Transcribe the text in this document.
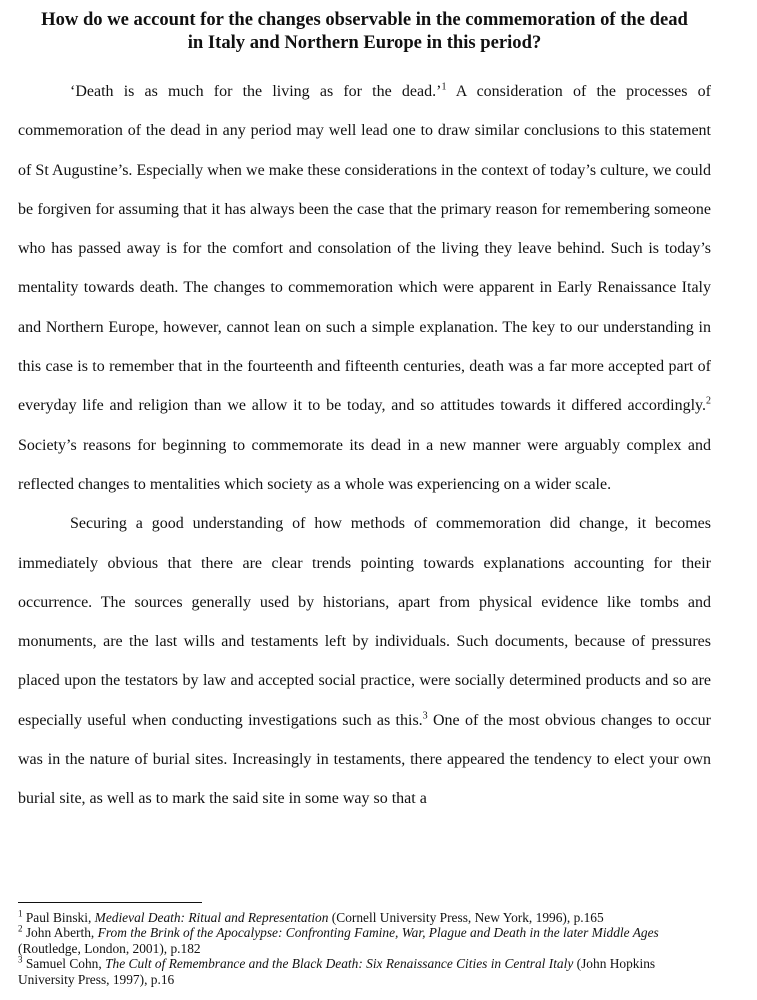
How do we account for the changes observable in the commemoration of the dead
in Italy and Northern Europe in this period?

‘Death is as much for the living as for the dead.’$^1$ A consideration of the processes of commemoration of the dead in any period may well lead one to draw similar conclusions to this statement of St Augustine’s. Especially when we make these considerations in the context of today’s culture, we could be forgiven for assuming that it has always been the case that the primary reason for remembering someone who has passed away is for the comfort and consolation of the living they leave behind. Such is today’s mentality towards death. The changes to commemoration which were apparent in Early Renaissance Italy and Northern Europe, however, cannot lean on such a simple explanation. The key to our understanding in this case is to remember that in the fourteenth and fifteenth centuries, death was a far more accepted part of everyday life and religion than we allow it to be today, and so attitudes towards it differed accordingly.$^2$ Society’s reasons for beginning to commemorate its dead in a new manner were arguably complex and reflected changes to mentalities which society as a whole was experiencing on a wider scale.

Securing a good understanding of how methods of commemoration did change, it becomes immediately obvious that there are clear trends pointing towards explanations accounting for their occurrence. The sources generally used by historians, apart from physical evidence like tombs and monuments, are the last wills and testaments left by individuals. Such documents, because of pressures placed upon the testators by law and accepted social practice, were socially determined products and so are especially useful when conducting investigations such as this.$^3$ One of the most obvious changes to occur was in the nature of burial sites. Increasingly in testaments, there appeared the tendency to elect your own burial site, as well as to mark the said site in some way so that a

$^1$ Paul Binski, Medieval Death: Ritual and Representation (Cornell University Press, New York, 1996), p.165

$^2$ John Aberth, From the Brink of the Apocalypse: Confronting Famine, War, Plague and Death in the later Middle Ages (Routledge, London, 2001), p.182

$^3$ Samuel Cohn, The Cult of Remembrance and the Black Death: Six Renaissance Cities in Central Italy (John Hopkins University Press, 1997), p.16
